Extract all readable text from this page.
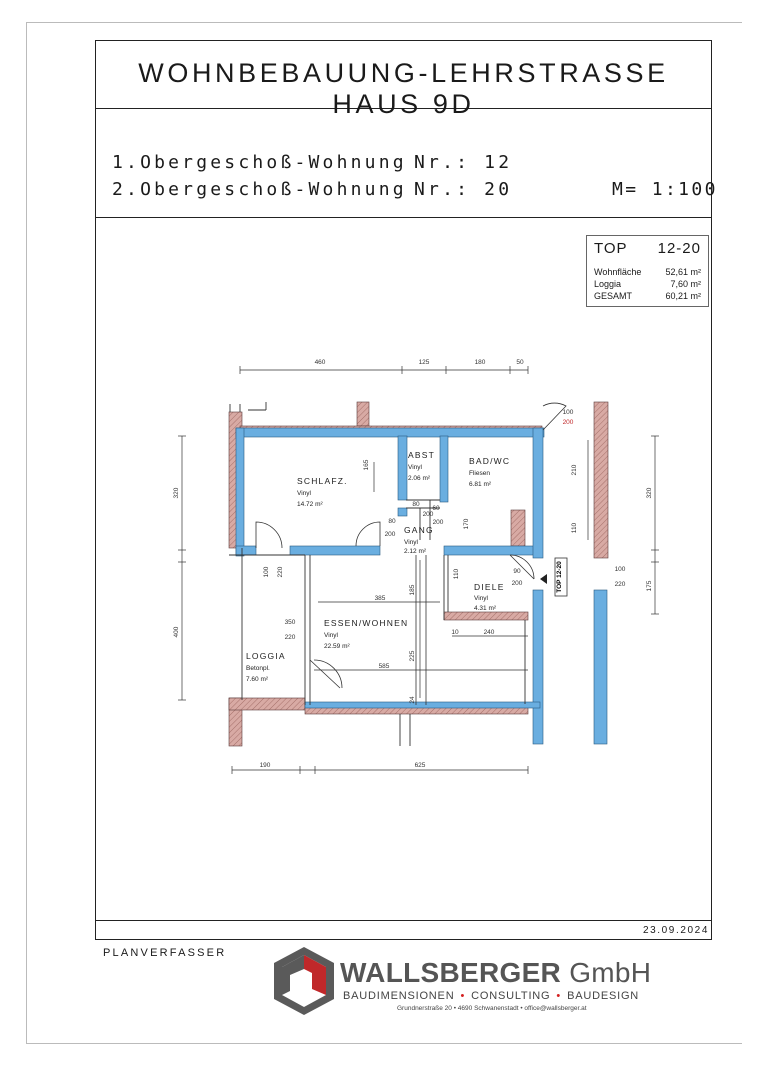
WOHNBEBAUUNG-LEHRSTRASSE HAUS 9D
1.Obergeschoß-Wohnung Nr.: 12
2.Obergeschoß-Wohnung Nr.: 20	M= 1:100
TOP 12-20
Wohnfläche	52,61 m²
Loggia	7,60 m²
GESAMT	60,21 m²
TOP 12-20
SCHLAFZ.
Vinyl
14.72 m²
ABST
Vinyl
2.06 m²
BAD/WC
Fliesen
6.81 m²
GANG
Vinyl
2.12 m²
DIELE
Vinyl
4.31 m²
ESSEN/WOHNEN
Vinyl
22.59 m²
LOGGIA
Betonpl.
7.60 m²
460	125	180	50
190	625
320
400
320
175
165
80
200
80
200
200
60
170
210
110
385
350
220
100 220
185
110	90
200
10	240
585
225
24
100
220
100
200
23.09.2024
PLANVERFASSER
WALLSBERGER GmbH
BAUDIMENSIONEN • CONSULTING • BAUDESIGN
Grundnerstraße 20 • 4690 Schwanenstadt • office@wallsberger.at
